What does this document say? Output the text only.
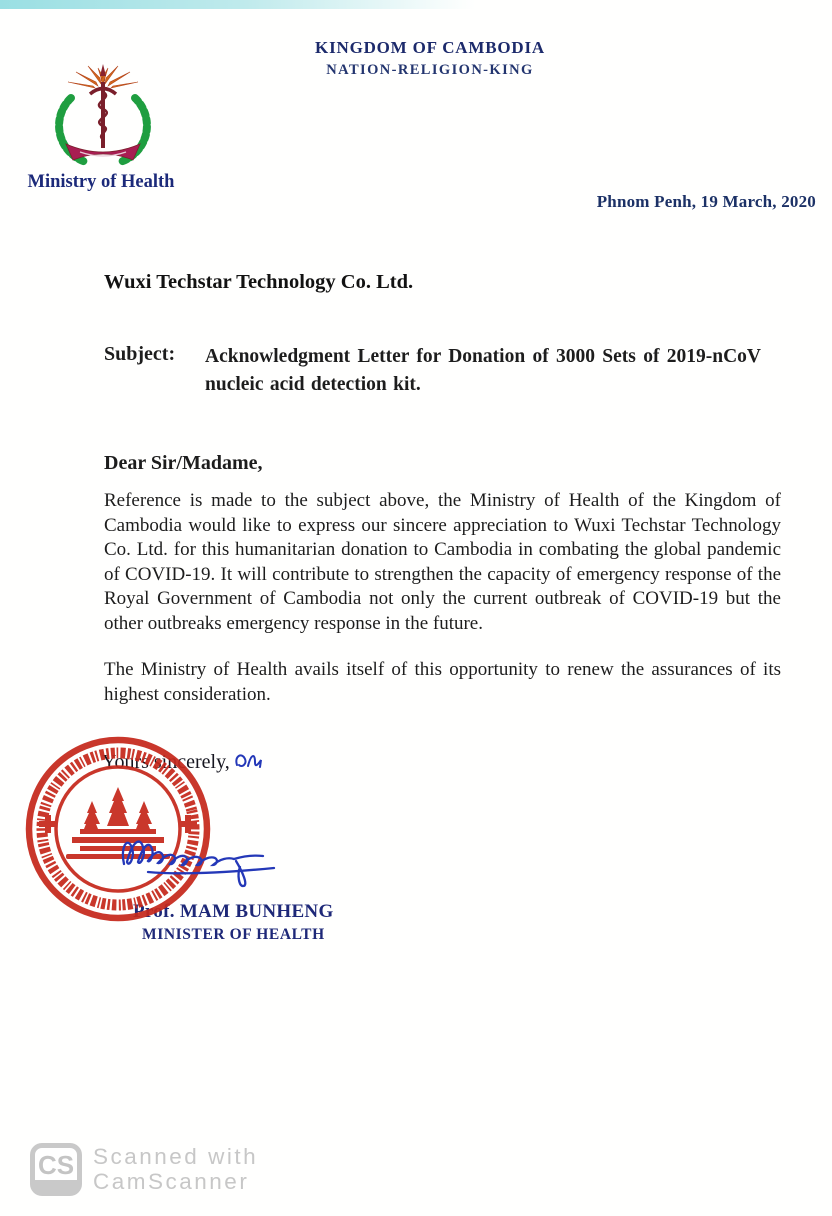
KINGDOM OF CAMBODIA
NATION-RELIGION-KING
Ministry of Health
Phnom Penh, 19 March, 2020
Wuxi Techstar Technology Co. Ltd.
Subject:	Acknowledgment Letter for Donation of 3000 Sets of 2019-nCoV nucleic acid detection kit.
Dear Sir/Madame,

Reference is made to the subject above, the Ministry of Health of the Kingdom of Cambodia would like to express our sincere appreciation to Wuxi Techstar Technology Co. Ltd. for this humanitarian donation to Cambodia in combating the global pandemic of COVID-19. It will contribute to strengthen the capacity of emergency response of the Royal Government of Cambodia not only the current outbreak of COVID-19 but the other outbreaks emergency response in the future.

The Ministry of Health avails itself of this opportunity to renew the assurances of its highest consideration.

Yours sincerely,
Prof. MAM BUNHENG
MINISTER OF HEALTH
CS Scanned with
CamScanner
